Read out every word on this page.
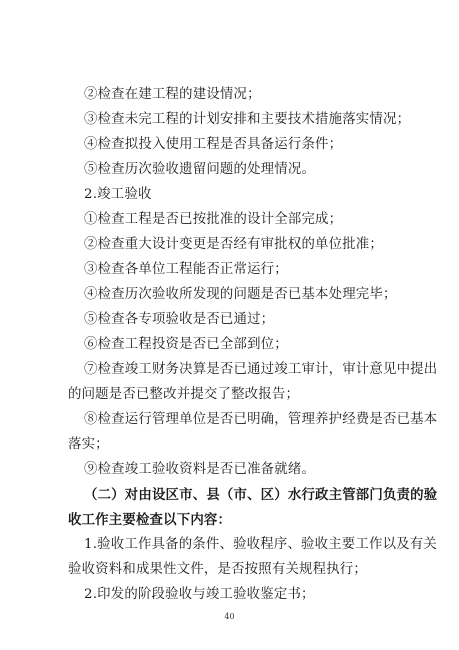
②检查在建工程的建设情况；
③检查未完工程的计划安排和主要技术措施落实情况；
④检查拟投入使用工程是否具备运行条件；
⑤检查历次验收遗留问题的处理情况。
2.竣工验收
①检查工程是否已按批准的设计全部完成；
②检查重大设计变更是否经有审批权的单位批准；
③检查各单位工程能否正常运行；
④检查历次验收所发现的问题是否已基本处理完毕；
⑤检查各专项验收是否已通过；
⑥检查工程投资是否已全部到位；
⑦检查竣工财务决算是否已通过竣工审计，审计意见中提出
的问题是否已整改并提交了整改报告；
⑧检查运行管理单位是否已明确，管理养护经费是否已基本
落实；
⑨检查竣工验收资料是否已准备就绪。
（二）对由设区市、县（市、区）水行政主管部门负责的验
收工作主要检查以下内容：
1.验收工作具备的条件、验收程序、验收主要工作以及有关
验收资料和成果性文件，是否按照有关规程执行；
2.印发的阶段验收与竣工验收鉴定书；
40
